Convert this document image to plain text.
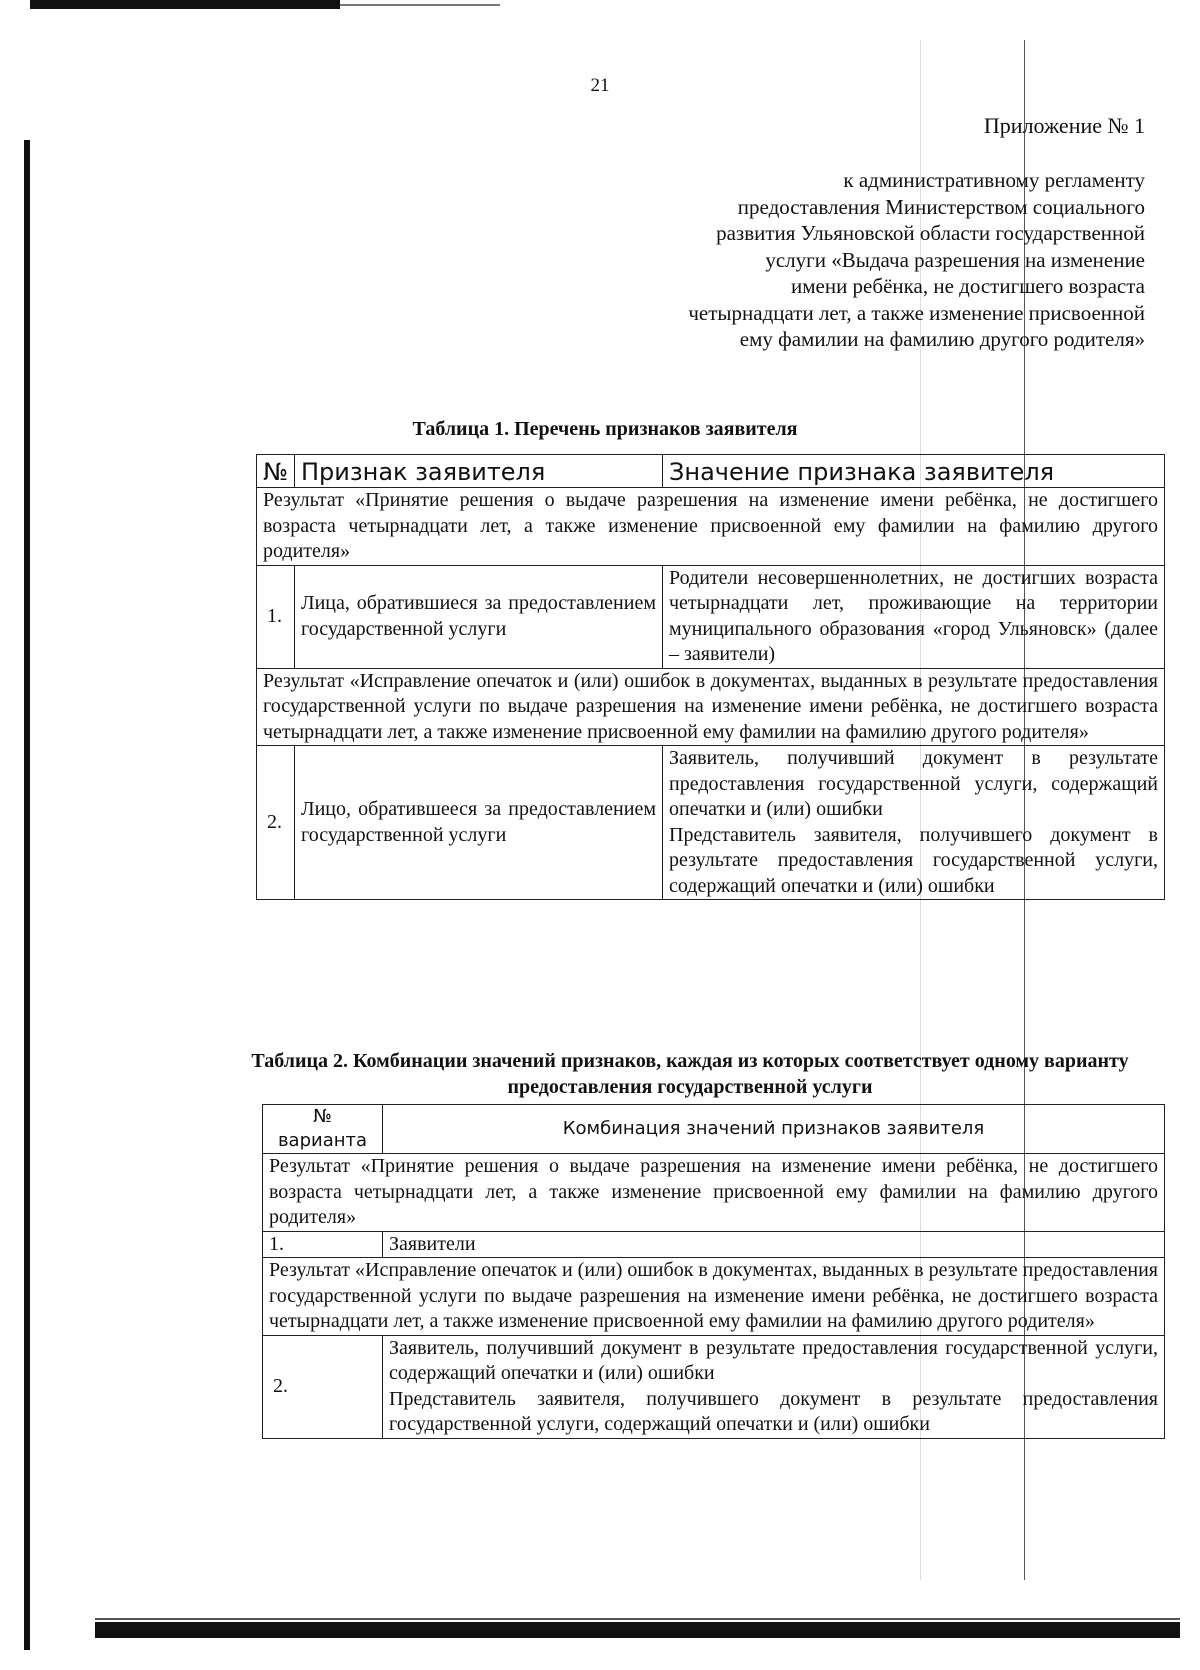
21
Приложение № 1
к административному регламенту
предоставления Министерством социального
развития Ульяновской области государственной
услуги «Выдача разрешения на изменение
имени ребёнка, не достигшего возраста
четырнадцати лет, а также изменение присвоенной
ему фамилии на фамилию другого родителя»
Таблица 1. Перечень признаков заявителя
№	Признак заявителя	Значение признака заявителя
Результат «Принятие решения о выдаче разрешения на изменение имени ребёнка, не достигшего возраста четырнадцати лет, а также изменение присвоенной ему фамилии на фамилию другого родителя»		
1.	Лица, обратившиеся за предоставлением государственной услуги	Родители несовершеннолетних, не достигших возраста четырнадцати лет, проживающие на территории муниципального образования «город Ульяновск» (далее – заявители)
Результат «Исправление опечаток и (или) ошибок в документах, выданных в результате предоставления государственной услуги по выдаче разрешения на изменение имени ребёнка, не достигшего возраста четырнадцати лет, а также изменение присвоенной ему фамилии на фамилию другого родителя»		
2.	Лицо, обратившееся за предоставлением государственной услуги	Заявитель, получивший документ в результате предоставления государственной услуги, содержащий опечатки и (или) ошибки
Представитель заявителя, получившего документ в результате предоставления государственной услуги, содержащий опечатки и (или) ошибки
Таблица 2. Комбинации значений признаков, каждая из которых соответствует одному варианту предоставления государственной услуги
№ варианта	Комбинация значений признаков заявителя
Результат «Принятие решения о выдаче разрешения на изменение имени ребёнка, не достигшего возраста четырнадцати лет, а также изменение присвоенной ему фамилии на фамилию другого родителя»	
1.	Заявители
Результат «Исправление опечаток и (или) ошибок в документах, выданных в результате предоставления государственной услуги по выдаче разрешения на изменение имени ребёнка, не достигшего возраста четырнадцати лет, а также изменение присвоенной ему фамилии на фамилию другого родителя»	
2.	Заявитель, получивший документ в результате предоставления государственной услуги, содержащий опечатки и (или) ошибки
Представитель заявителя, получившего документ в результате предоставления государственной услуги, содержащий опечатки и (или) ошибки
